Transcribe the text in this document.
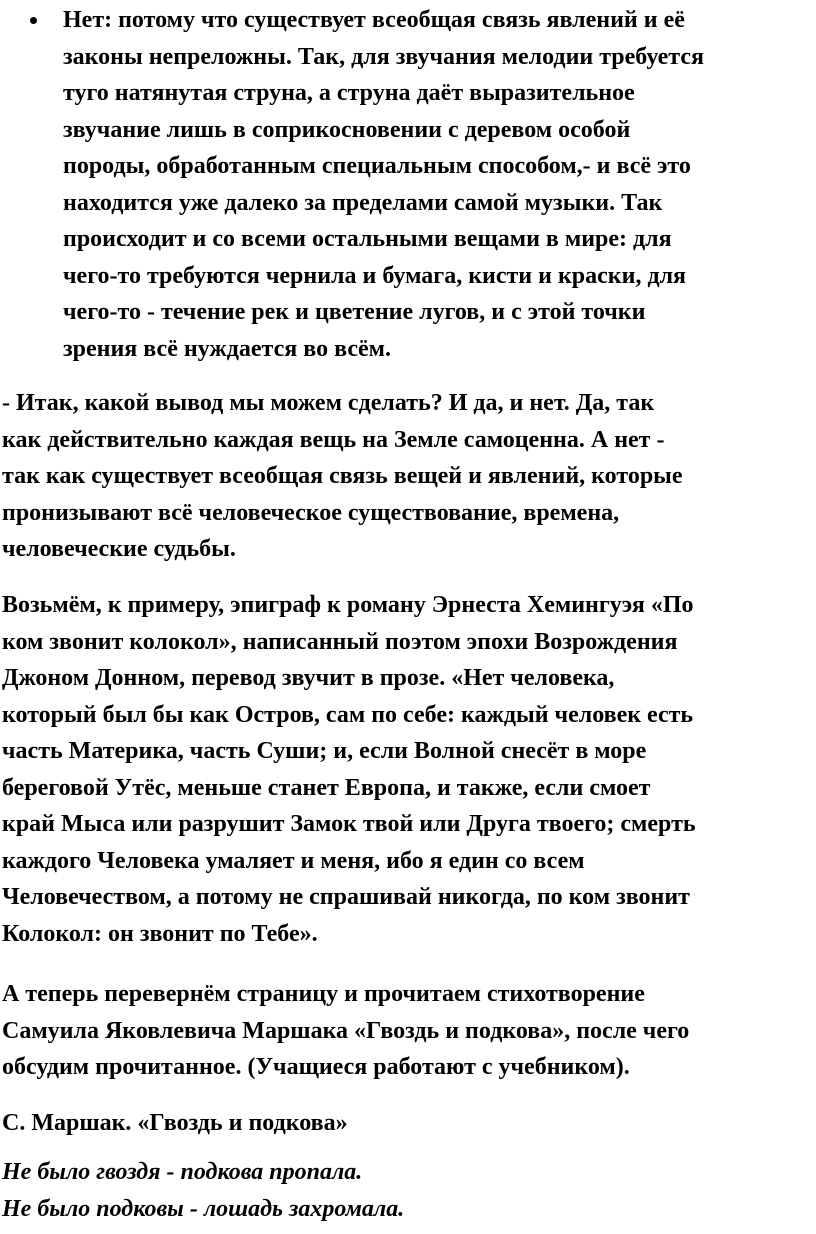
Нет: потому что существует всеобщая связь явлений и её
законы непреложны. Так, для звучания мелодии требуется
туго натянутая струна, а струна даёт выразительное
звучание лишь в соприкосновении с деревом особой
породы, обработанным специальным способом,- и всё это
находится уже далеко за пределами самой музыки. Так
происходит и со всеми остальными вещами в мире: для
чего-то требуются чернила и бумага, кисти и краски, для
чего-то - течение рек и цветение лугов, и с этой точки
зрения всё нуждается во всём.
- Итак, какой вывод мы можем сделать? И да, и нет. Да, так
как действительно каждая вещь на Земле самоценна. А нет -
так как существует всеобщая связь вещей и явлений, которые
пронизывают всё человеческое существование, времена,
человеческие судьбы.
Возьмём, к примеру, эпиграф к роману Эрнеста Хемингуэя «По
ком звонит колокол», написанный поэтом эпохи Возрождения
Джоном Донном, перевод звучит в прозе. «Нет человека,
который был бы как Остров, сам по себе: каждый человек есть
часть Материка, часть Суши; и, если Волной снесёт в море
береговой Утёс, меньше станет Европа, и также, если смоет
край Мыса или разрушит Замок твой или Друга твоего; смерть
каждого Человека умаляет и меня, ибо я един со всем
Человечеством, а потому не спрашивай никогда, по ком звонит
Колокол: он звонит по Тебе».
А теперь перевернём страницу и прочитаем стихотворение
Самуила Яковлевича Маршака «Гвоздь и подкова», после чего
обсудим прочитанное. (Учащиеся работают с учебником).
С. Маршак. «Гвоздь и подкова»
Не было гвоздя - подкова пропала.
Не было подковы - лошадь захромала.
